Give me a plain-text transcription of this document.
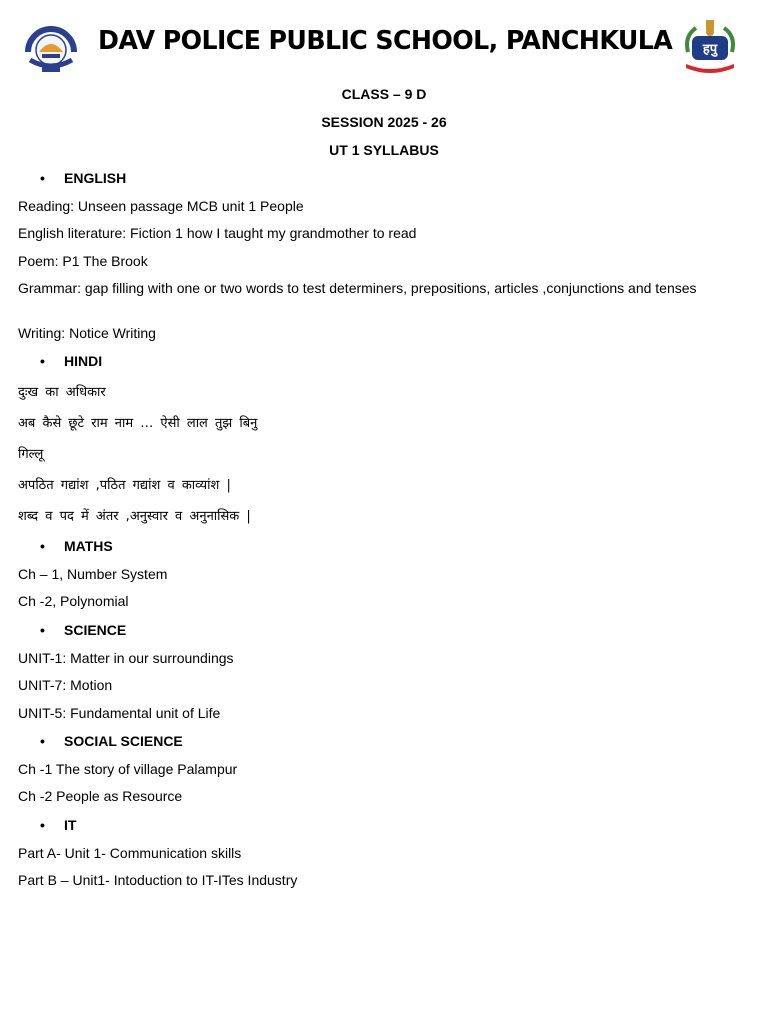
DAV POLICE PUBLIC SCHOOL, PANCHKULA हपु
CLASS – 9 D
SESSION 2025 - 26
UT 1 SYLLABUS
• ENGLISH
Reading: Unseen passage MCB unit 1 People
English literature: Fiction 1 how I taught my grandmother to read
Poem: P1 The Brook
Grammar: gap filling with one or two words to test determiners, prepositions, articles ,conjunctions and tenses
Writing: Notice Writing
• HINDI
दुःख का अधिकार
अब कैसे छूटे राम नाम … ऐसी लाल तुझ बिनु
गिल्लू
अपठित गद्यांश ,पठित गद्यांश व काव्यांश |
शब्द व पद में अंतर ,अनुस्वार व अनुनासिक |
• MATHS
Ch – 1, Number System
Ch -2, Polynomial
• SCIENCE
UNIT-1: Matter in our surroundings
UNIT-7: Motion
UNIT-5: Fundamental unit of Life
• SOCIAL SCIENCE
Ch -1 The story of village Palampur
Ch -2 People as Resource
• IT
Part A- Unit 1- Communication skills
Part B – Unit1- Intoduction to IT-ITes Industry
